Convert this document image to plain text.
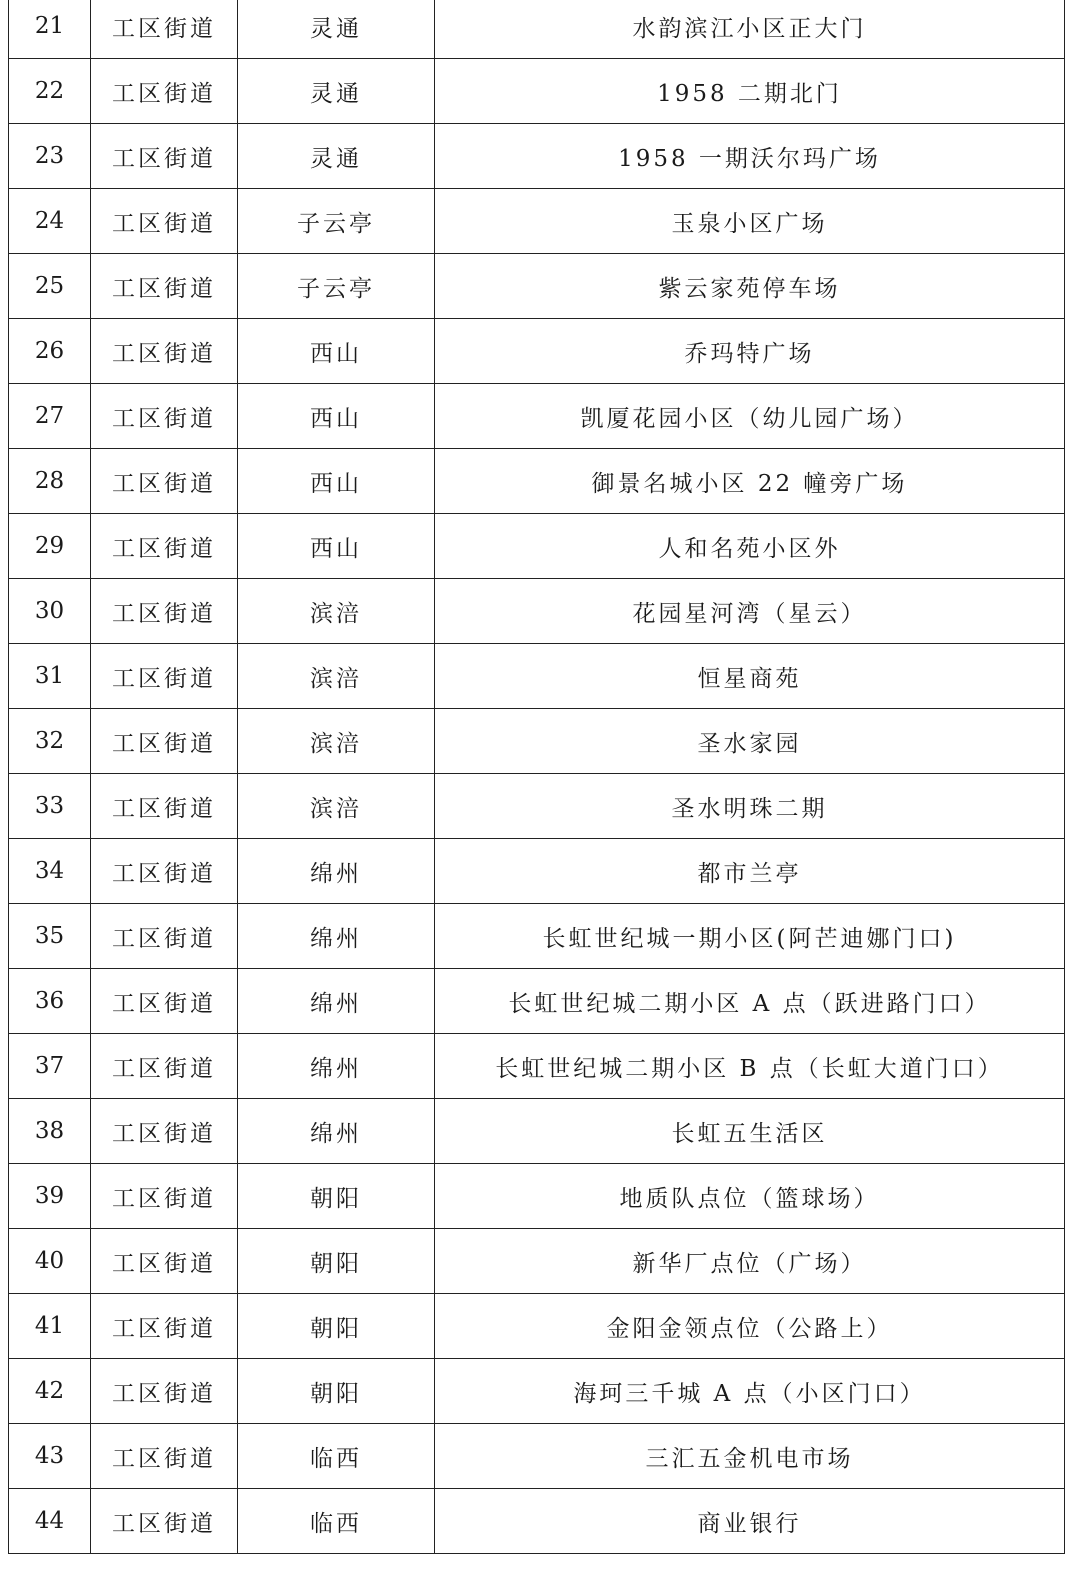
21	工区街道	灵通	水韵滨江小区正大门
22	工区街道	灵通	1958 二期北门
23	工区街道	灵通	1958 一期沃尔玛广场
24	工区街道	子云亭	玉泉小区广场
25	工区街道	子云亭	紫云家苑停车场
26	工区街道	西山	乔玛特广场
27	工区街道	西山	凯厦花园小区（幼儿园广场）
28	工区街道	西山	御景名城小区 22 幢旁广场
29	工区街道	西山	人和名苑小区外
30	工区街道	滨涪	花园星河湾（星云）
31	工区街道	滨涪	恒星商苑
32	工区街道	滨涪	圣水家园
33	工区街道	滨涪	圣水明珠二期
34	工区街道	绵州	都市兰亭
35	工区街道	绵州	长虹世纪城一期小区(阿芒迪娜门口)
36	工区街道	绵州	长虹世纪城二期小区 A 点（跃进路门口）
37	工区街道	绵州	长虹世纪城二期小区 B 点（长虹大道门口）
38	工区街道	绵州	长虹五生活区
39	工区街道	朝阳	地质队点位（篮球场）
40	工区街道	朝阳	新华厂点位（广场）
41	工区街道	朝阳	金阳金领点位（公路上）
42	工区街道	朝阳	海珂三千城 A 点（小区门口）
43	工区街道	临西	三汇五金机电市场
44	工区街道	临西	商业银行
